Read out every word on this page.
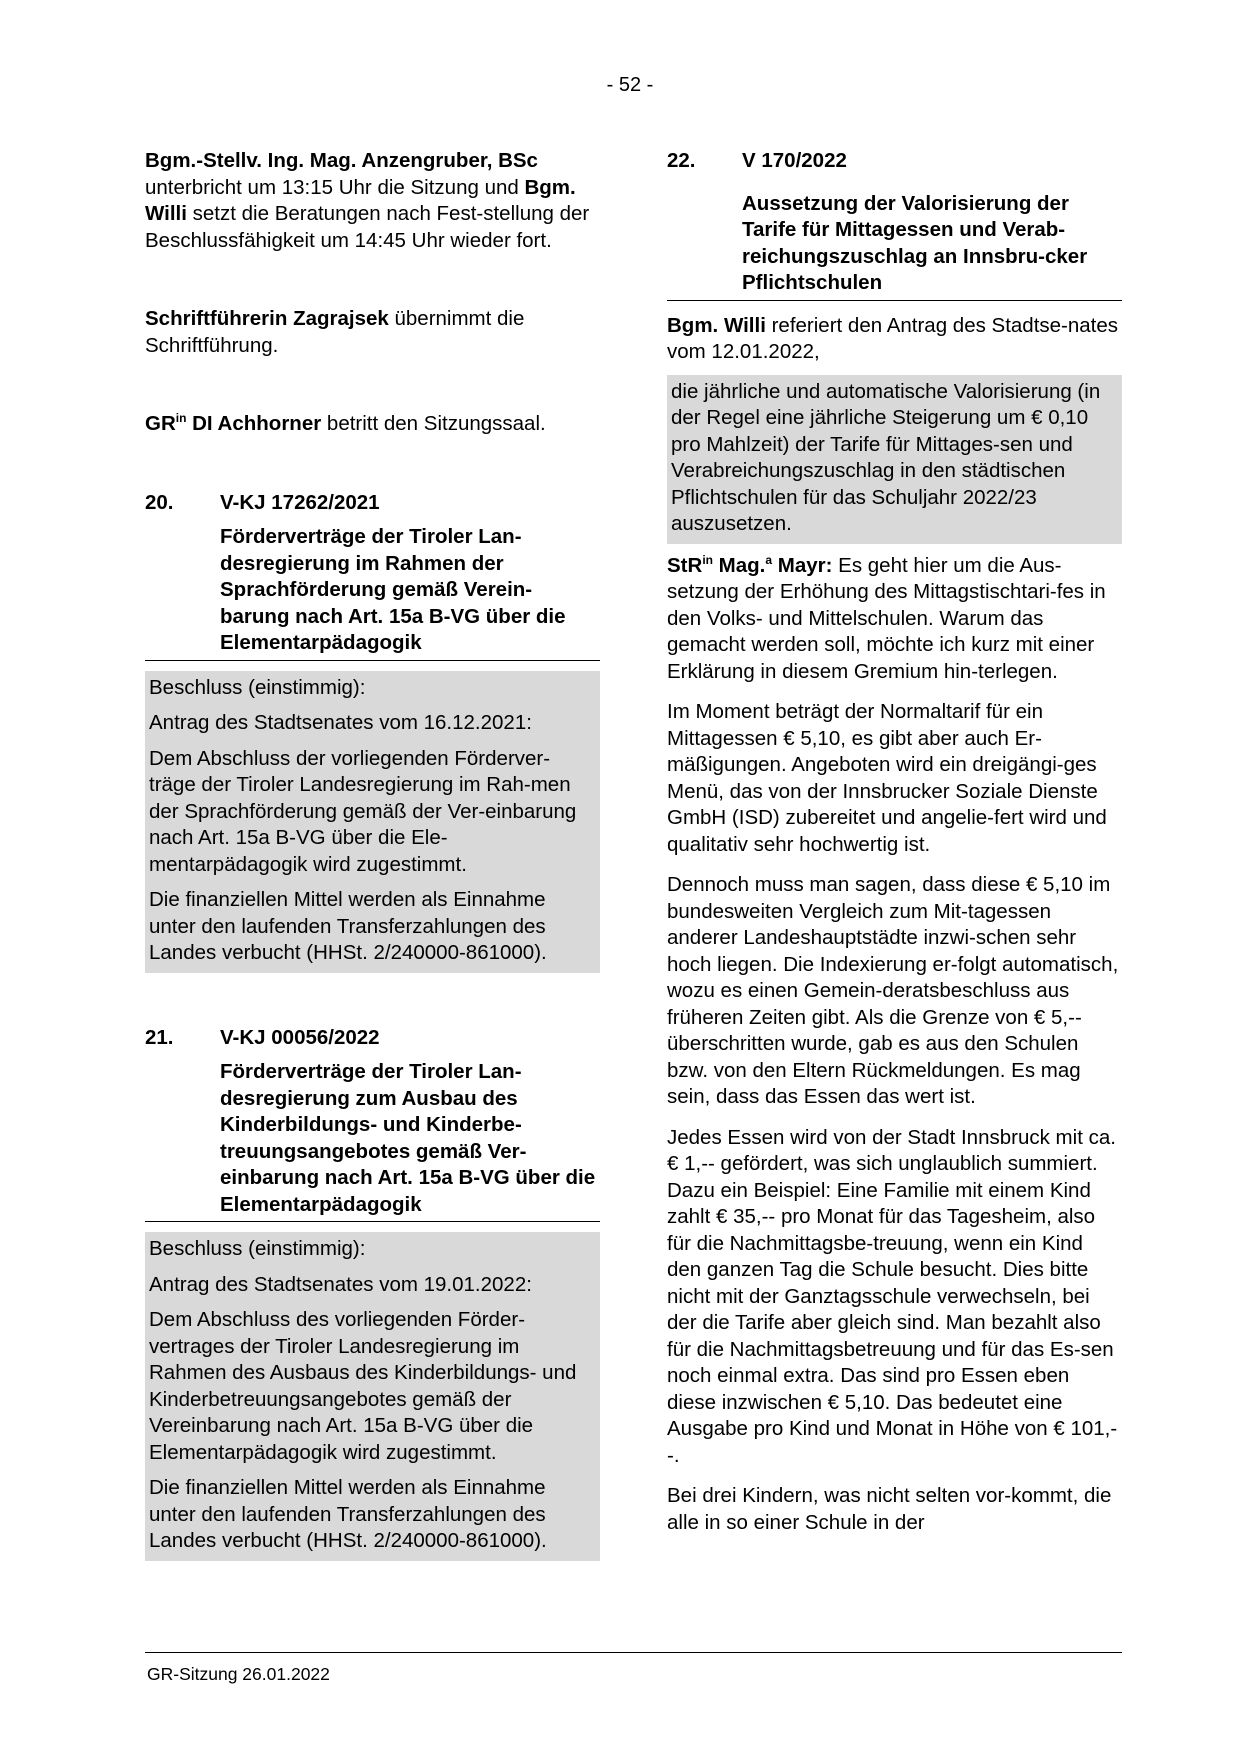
- 52 -

Bgm.-Stellv. Ing. Mag. Anzengruber, BSc unterbricht um 13:15 Uhr die Sitzung und Bgm. Willi setzt die Beratungen nach Fest-stellung der Beschlussfähigkeit um 14:45 Uhr wieder fort.

Schriftführerin Zagrajsek übernimmt die Schriftführung.

$GR^{in}$ DI Achhorner betritt den Sitzungssaal.

20.	V-KJ 17262/2021
Förderverträge der Tiroler Lan-desregierung im Rahmen der Sprachförderung gemäß Verein-barung nach Art. 15a B-VG über die Elementarpädagogik

Beschluss (einstimmig):

Antrag des Stadtsenates vom 16.12.2021:

Dem Abschluss der vorliegenden Förderver-träge der Tiroler Landesregierung im Rah-men der Sprachförderung gemäß der Ver-einbarung nach Art. 15a B-VG über die Ele-mentarpädagogik wird zugestimmt.

Die finanziellen Mittel werden als Einnahme unter den laufenden Transferzahlungen des Landes verbucht (HHSt. 2/240000-861000).

21.	V-KJ 00056/2022
Förderverträge der Tiroler Lan-desregierung zum Ausbau des Kinderbildungs- und Kinderbe-treuungsangebotes gemäß Ver-einbarung nach Art. 15a B-VG über die Elementarpädagogik

Beschluss (einstimmig):

Antrag des Stadtsenates vom 19.01.2022:

Dem Abschluss des vorliegenden Förder-vertrages der Tiroler Landesregierung im Rahmen des Ausbaus des Kinderbildungs- und Kinderbetreuungsangebotes gemäß der Vereinbarung nach Art. 15a B-VG über die Elementarpädagogik wird zugestimmt.

Die finanziellen Mittel werden als Einnahme unter den laufenden Transferzahlungen des Landes verbucht (HHSt. 2/240000-861000).

22.	V 170/2022
Aussetzung der Valorisierung der Tarife für Mittagessen und Verab-reichungszuschlag an Innsbru-cker Pflichtschulen

Bgm. Willi referiert den Antrag des Stadtse-nates vom 12.01.2022,

die jährliche und automatische Valorisierung (in der Regel eine jährliche Steigerung um € 0,10 pro Mahlzeit) der Tarife für Mittages-sen und Verabreichungszuschlag in den städtischen Pflichtschulen für das Schuljahr 2022/23 auszusetzen.

StR$^{in}$ Mag.$^a$ Mayr: Es geht hier um die Aus-setzung der Erhöhung des Mittagstischtari-fes in den Volks- und Mittelschulen. Warum das gemacht werden soll, möchte ich kurz mit einer Erklärung in diesem Gremium hin-terlegen.

Im Moment beträgt der Normaltarif für ein Mittagessen € 5,10, es gibt aber auch Er-mäßigungen. Angeboten wird ein dreigängi-ges Menü, das von der Innsbrucker Soziale Dienste GmbH (ISD) zubereitet und angelie-fert wird und qualitativ sehr hochwertig ist.

Dennoch muss man sagen, dass diese € 5,10 im bundesweiten Vergleich zum Mit-tagessen anderer Landeshauptstädte inzwi-schen sehr hoch liegen. Die Indexierung er-folgt automatisch, wozu es einen Gemein-deratsbeschluss aus früheren Zeiten gibt. Als die Grenze von € 5,-- überschritten wurde, gab es aus den Schulen bzw. von den Eltern Rückmeldungen. Es mag sein, dass das Essen das wert ist.

Jedes Essen wird von der Stadt Innsbruck mit ca. € 1,-- gefördert, was sich unglaublich summiert. Dazu ein Beispiel: Eine Familie mit einem Kind zahlt € 35,-- pro Monat für das Tagesheim, also für die Nachmittagsbe-treuung, wenn ein Kind den ganzen Tag die Schule besucht. Dies bitte nicht mit der Ganztagsschule verwechseln, bei der die Tarife aber gleich sind. Man bezahlt also für die Nachmittagsbetreuung und für das Es-sen noch einmal extra. Das sind pro Essen eben diese inzwischen € 5,10. Das bedeutet eine Ausgabe pro Kind und Monat in Höhe von € 101,--.

Bei drei Kindern, was nicht selten vor-kommt, die alle in so einer Schule in der

GR-Sitzung 26.01.2022
